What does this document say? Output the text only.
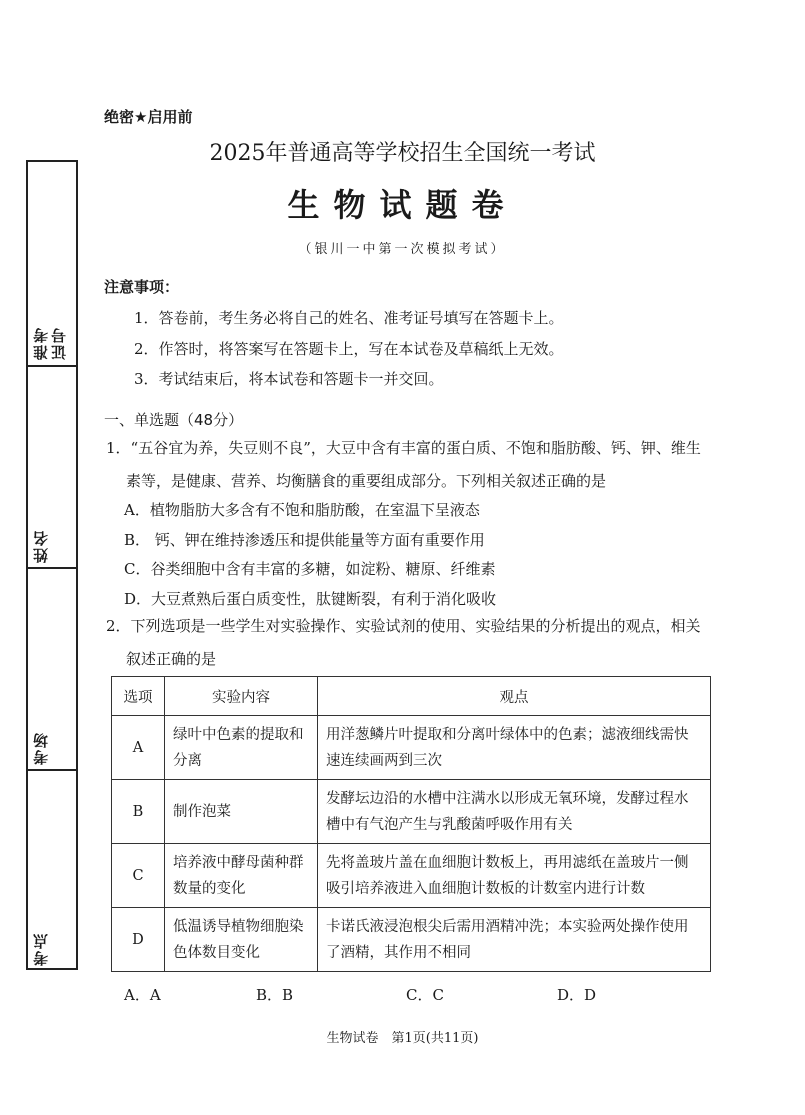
绝密★启用前
2025年普通高等学校招生全国统一考试
生物试题卷
（银川一中第一次模拟考试）
准考证号
姓名
考场
考点
注意事项：
1．答卷前，考生务必将自己的姓名、准考证号填写在答题卡上。
2．作答时，将答案写在答题卡上，写在本试卷及草稿纸上无效。
3．考试结束后，将本试卷和答题卡一并交回。
一、单选题（48分）
1．“五谷宜为养，失豆则不良”，大豆中含有丰富的蛋白质、不饱和脂肪酸、钙、钾、维生
素等，是健康、营养、均衡膳食的重要组成部分。下列相关叙述正确的是
A．植物脂肪大多含有不饱和脂肪酸，在室温下呈液态
B． 钙、钾在维持渗透压和提供能量等方面有重要作用
C．谷类细胞中含有丰富的多糖，如淀粉、糖原、纤维素
D．大豆煮熟后蛋白质变性，肽键断裂，有利于消化吸收
2．下列选项是一些学生对实验操作、实验试剂的使用、实验结果的分析提出的观点，相关
叙述正确的是
选项	实验内容	观点
A	绿叶中色素的提取和分离	用洋葱鳞片叶提取和分离叶绿体中的色素；滤液细线需快速连续画两到三次
B	制作泡菜	发酵坛边沿的水槽中注满水以形成无氧环境，发酵过程水槽中有气泡产生与乳酸菌呼吸作用有关
C	培养液中酵母菌种群数量的变化	先将盖玻片盖在血细胞计数板上，再用滤纸在盖玻片一侧吸引培养液进入血细胞计数板的计数室内进行计数
D	低温诱导植物细胞染色体数目变化	卡诺氏液浸泡根尖后需用酒精冲洗；本实验两处操作使用了酒精，其作用不相同
A．A	B．B	C．C	D．D
生物试卷　第1页(共11页)
